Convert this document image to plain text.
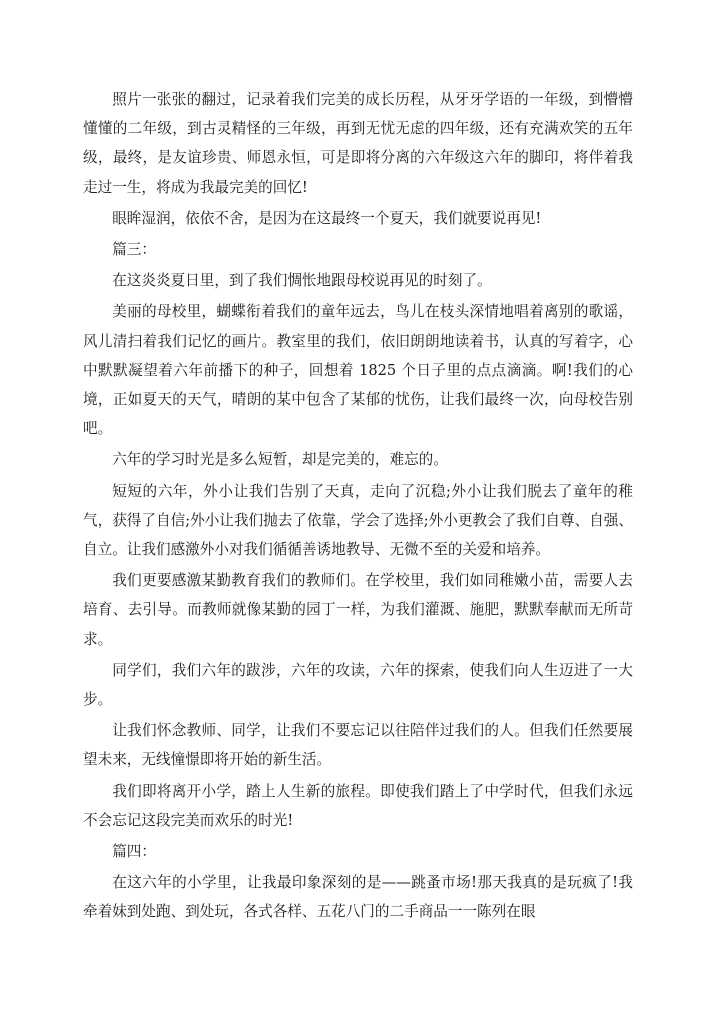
照片一张张的翻过，记录着我们完美的成长历程，从牙牙学语的一年级，到懵懵懂懂的二年级，到古灵精怪的三年级，再到无忧无虑的四年级，还有充满欢笑的五年级，最终，是友谊珍贵、师恩永恒，可是即将分离的六年级这六年的脚印，将伴着我走过一生，将成为我最完美的回忆!

眼眸湿润，依依不舍，是因为在这最终一个夏天，我们就要说再见!

篇三：

在这炎炎夏日里，到了我们惆怅地跟母校说再见的时刻了。

美丽的母校里，蝴蝶衔着我们的童年远去，鸟儿在枝头深情地唱着离别的歌谣，风儿清扫着我们记忆的画片。教室里的我们，依旧朗朗地读着书，认真的写着字，心中默默凝望着六年前播下的种子，回想着 1825 个日子里的点点滴滴。啊!我们的心境，正如夏天的天气，晴朗的某中包含了某郁的忧伤，让我们最终一次，向母校告别吧。

六年的学习时光是多么短暂，却是完美的，难忘的。

短短的六年，外小让我们告别了天真，走向了沉稳;外小让我们脱去了童年的稚气，获得了自信;外小让我们抛去了依靠，学会了选择;外小更教会了我们自尊、自强、自立。让我们感激外小对我们循循善诱地教导、无微不至的关爱和培养。

我们更要感激某勤教育我们的教师们。在学校里，我们如同稚嫩小苗，需要人去培育、去引导。而教师就像某勤的园丁一样，为我们灌溉、施肥，默默奉献而无所苛求。

同学们，我们六年的跋涉，六年的攻读，六年的探索，使我们向人生迈进了一大步。

让我们怀念教师、同学，让我们不要忘记以往陪伴过我们的人。但我们任然要展望未来，无线憧憬即将开始的新生活。

我们即将离开小学，踏上人生新的旅程。即使我们踏上了中学时代，但我们永远不会忘记这段完美而欢乐的时光!

篇四：

在这六年的小学里，让我最印象深刻的是——跳蚤市场!那天我真的是玩疯了!我牵着妹到处跑、到处玩，各式各样、五花八门的二手商品一一陈列在眼
